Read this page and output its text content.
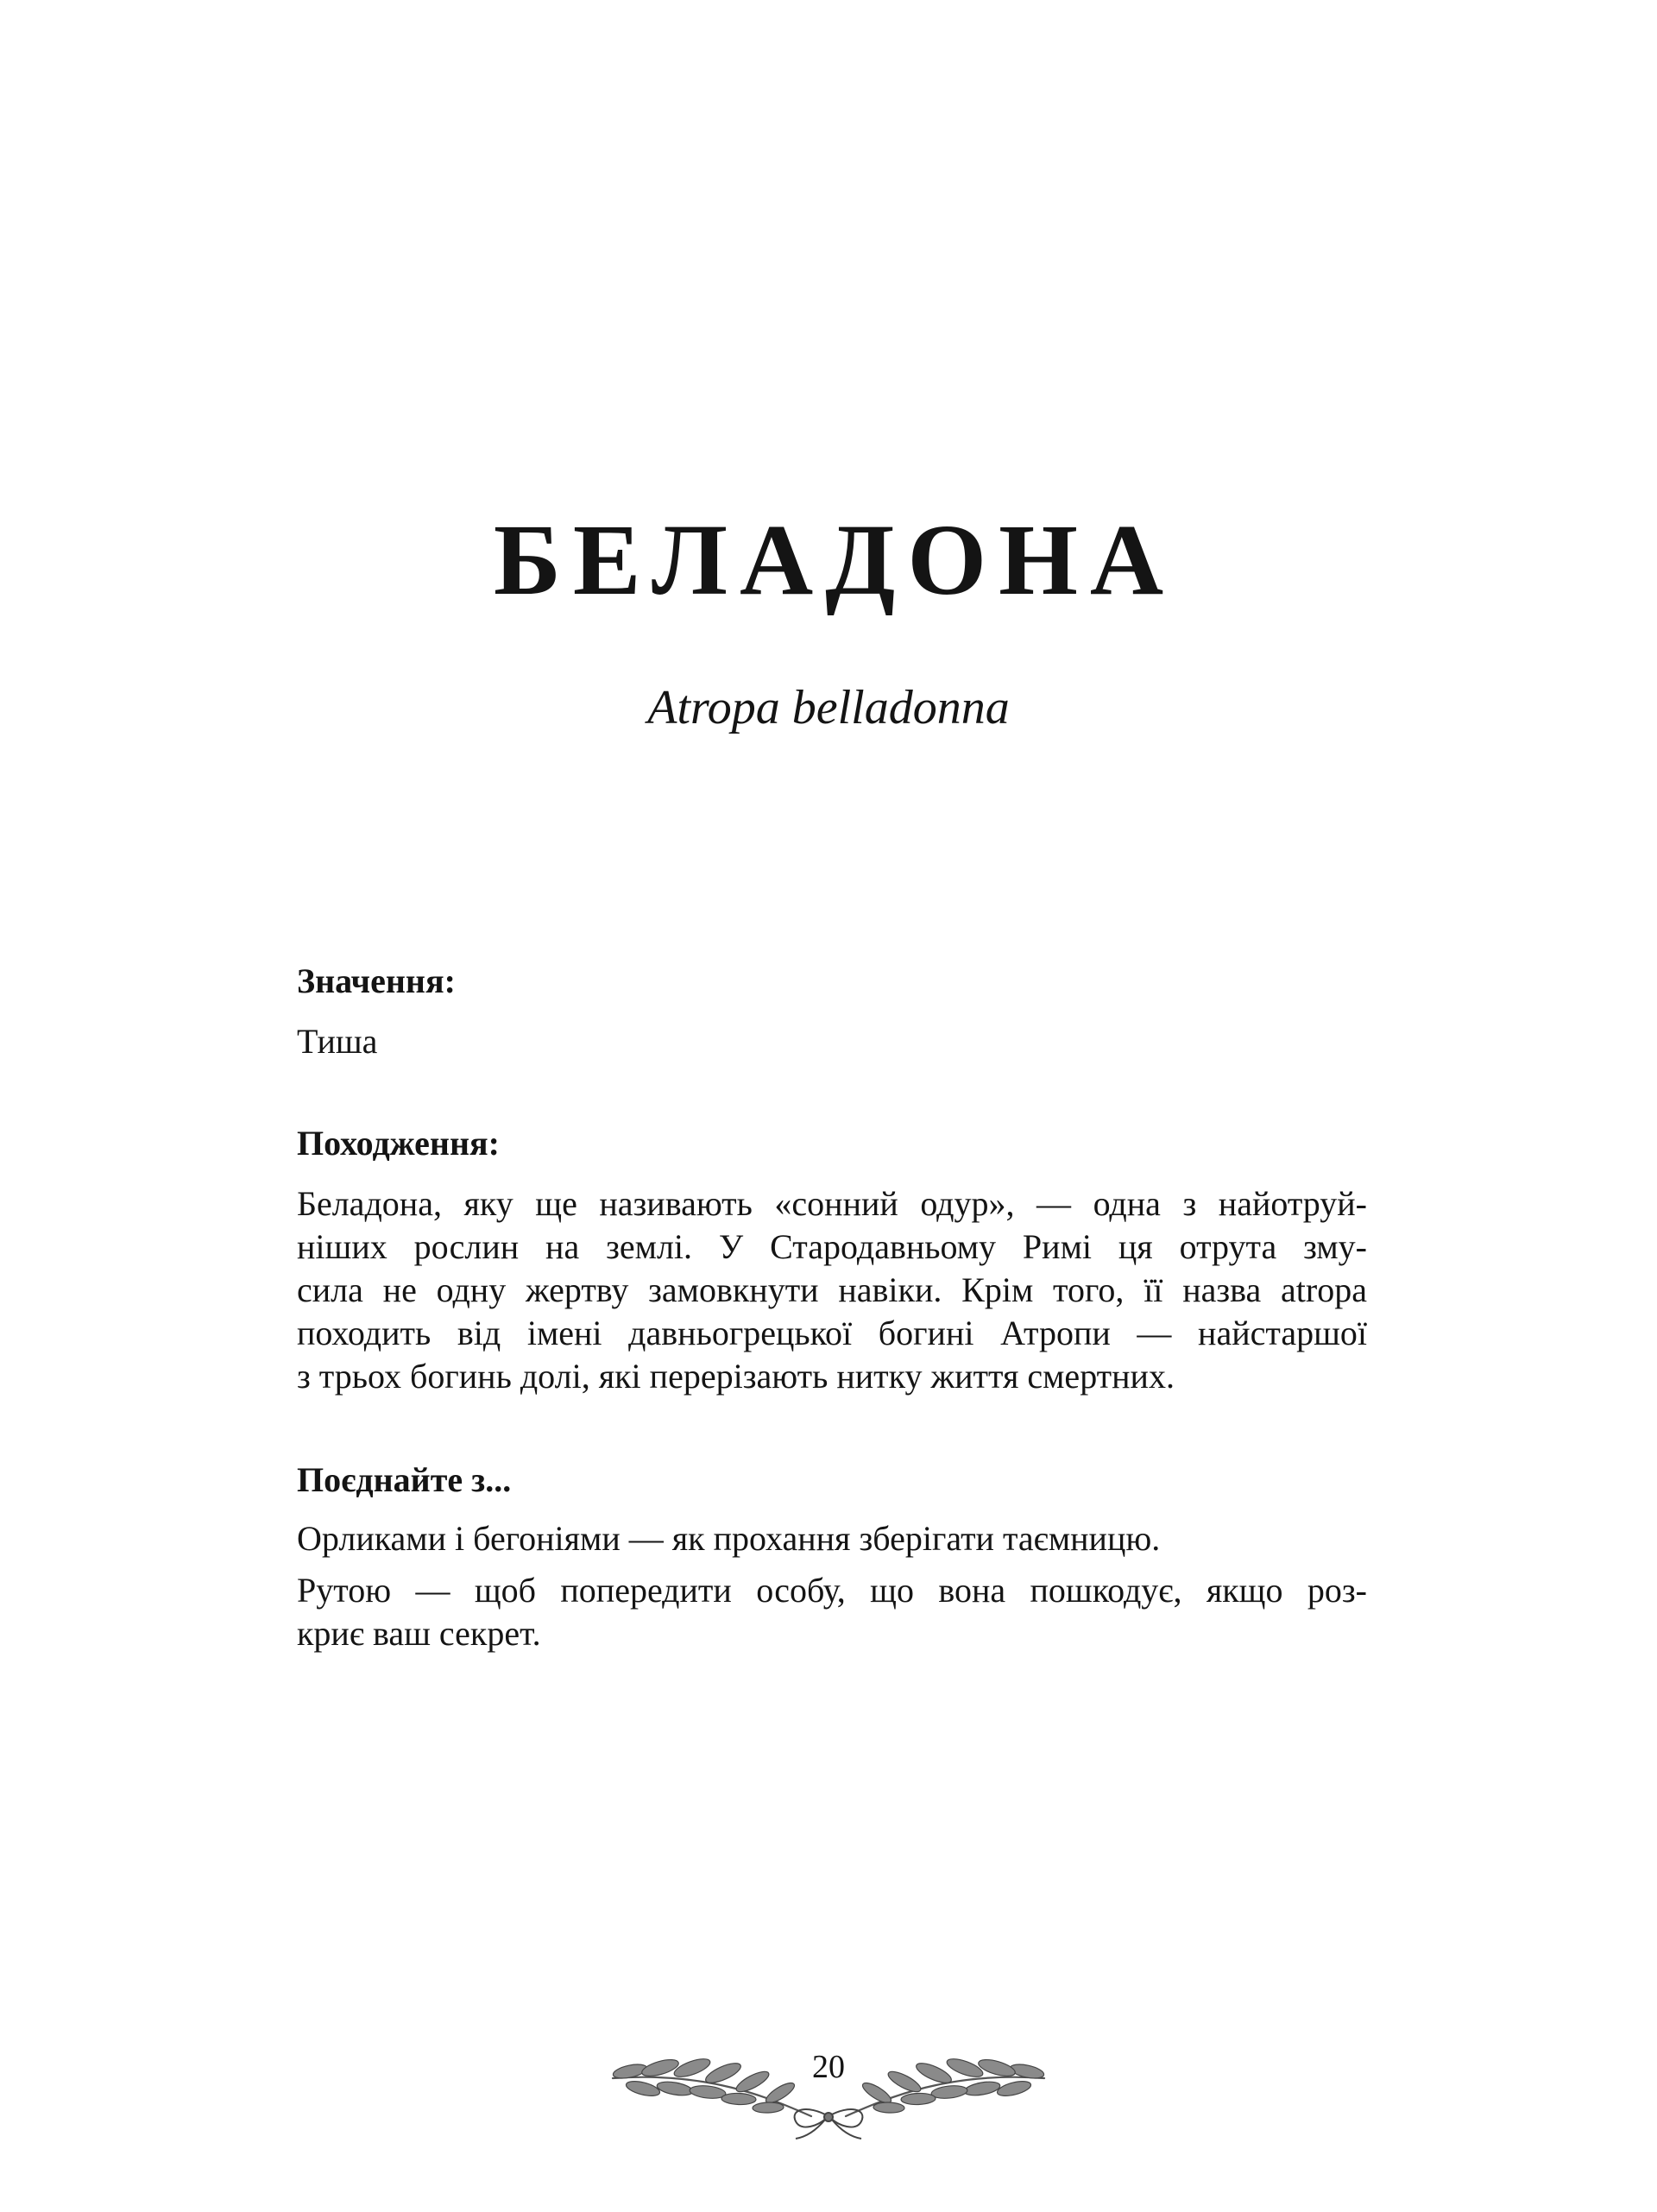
БЕЛАДОНА
Atropa belladonna

Значення:

Тиша

Походження:

Беладона, яку ще називають «сонний одур», — одна з найотруй-
ніших рослин на землі. У Стародавньому Римі ця отрута зму-
сила не одну жертву замовкнути навіки. Крім того, її назва atropa
походить від імені давньогрецької богині Атропи — найстаршої
з трьох богинь долі, які перерізають нитку життя смертних.

Поєднайте з...

Орликами і бегоніями — як прохання зберігати таємницю.

Рутою — щоб попередити особу, що вона пошкодує, якщо роз-
криє ваш секрет.
20
